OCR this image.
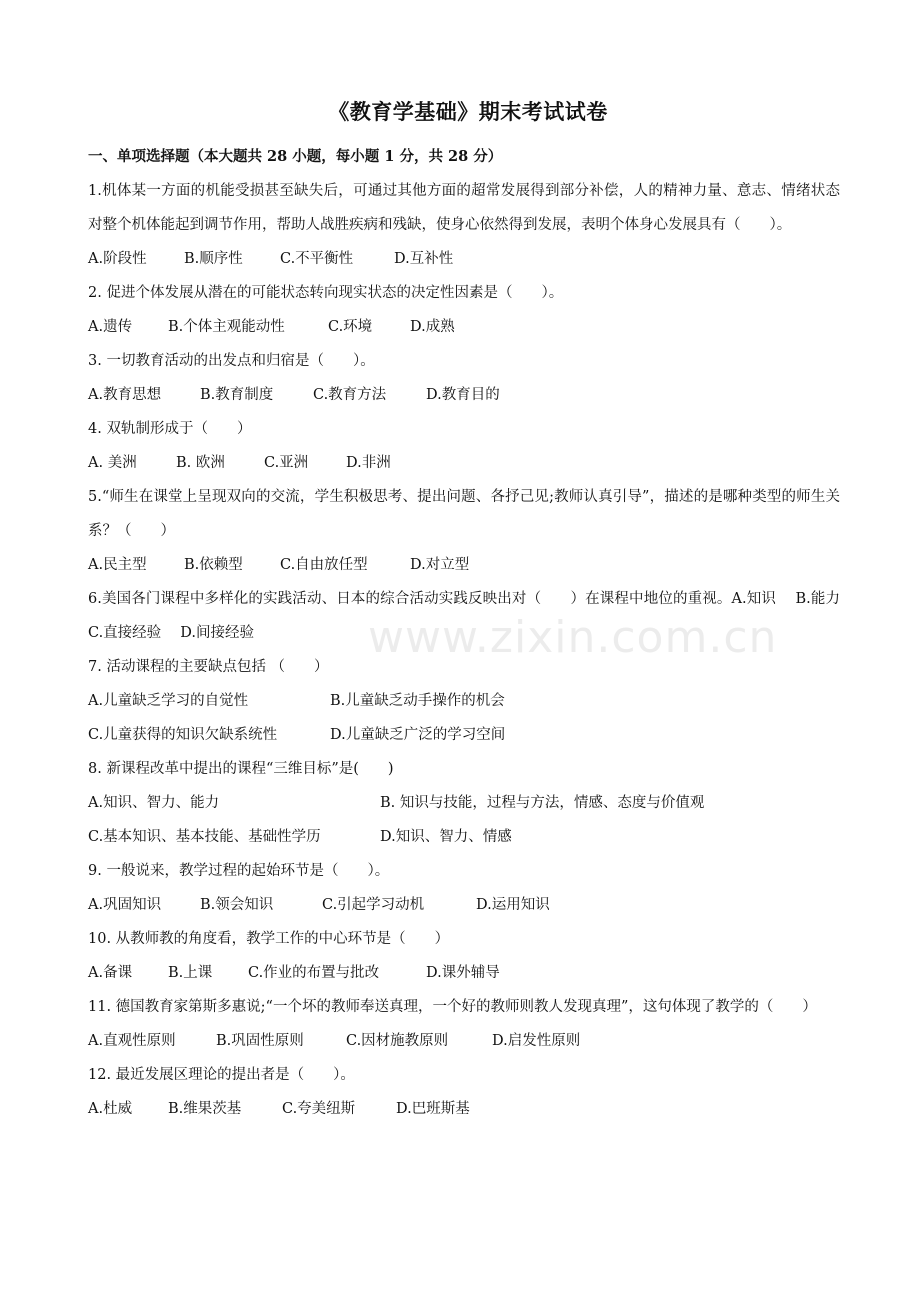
www.zixin.com.cn
《教育学基础》期末考试试卷
一、单项选择题（本大题共 28 小题，每小题 1 分，共 28 分）

1.机体某一方面的机能受损甚至缺失后，可通过其他方面的超常发展得到部分补偿，人的精神力量、意志、情绪状态对整个机体能起到调节作用，帮助人战胜疾病和残缺，使身心依然得到发展，表明个体身心发展具有（　　）。

A.阶段性	B.顺序性	C.不平衡性	D.互补性

2. 促进个体发展从潜在的可能状态转向现实状态的决定性因素是（　　）。

A.遗传 B.个体主观能动性	C.环境	D.成熟

3. 一切教育活动的出发点和归宿是（　　）。

A.教育思想	B.教育制度	C.教育方法	D.教育目的

4. 双轨制形成于（　　）

A. 美洲	B. 欧洲	C.亚洲	D.非洲

5.“师生在课堂上呈现双向的交流，学生积极思考、提出问题、各抒己见;教师认真引导”，描述的是哪种类型的师生关系？（　　）

A.民主型	B.依赖型	C.自由放任型	D.对立型

6.美国各门课程中多样化的实践活动、日本的综合活动实践反映出对（　　）在课程中地位的重视。A.知识　 B.能力　 C.直接经验　 D.间接经验

7. 活动课程的主要缺点包括 （　　）

A.儿童缺乏学习的自觉性	B.儿童缺乏动手操作的机会
C.儿童获得的知识欠缺系统性	D.儿童缺乏广泛的学习空间

8. 新课程改革中提出的课程“三维目标”是(　　)

A.知识、智力、能力	B. 知识与技能，过程与方法，情感、态度与价值观
C.基本知识、基本技能、基础性学历	D.知识、智力、情感

9. 一般说来，教学过程的起始环节是（　　）。

A.巩固知识	B.领会知识	C.引起学习动机	D.运用知识

10. 从教师教的角度看，教学工作的中心环节是（　　）

A.备课 B.上课 C.作业的布置与批改	D.课外辅导

11. 德国教育家第斯多惠说;“一个坏的教师奉送真理，一个好的教师则教人发现真理”，这句体现了教学的（　　）

A.直观性原则	B.巩固性原则	C.因材施教原则	D.启发性原则

12. 最近发展区理论的提出者是（　　）。

A.杜威 B.维果茨基	C.夸美纽斯	D.巴班斯基
